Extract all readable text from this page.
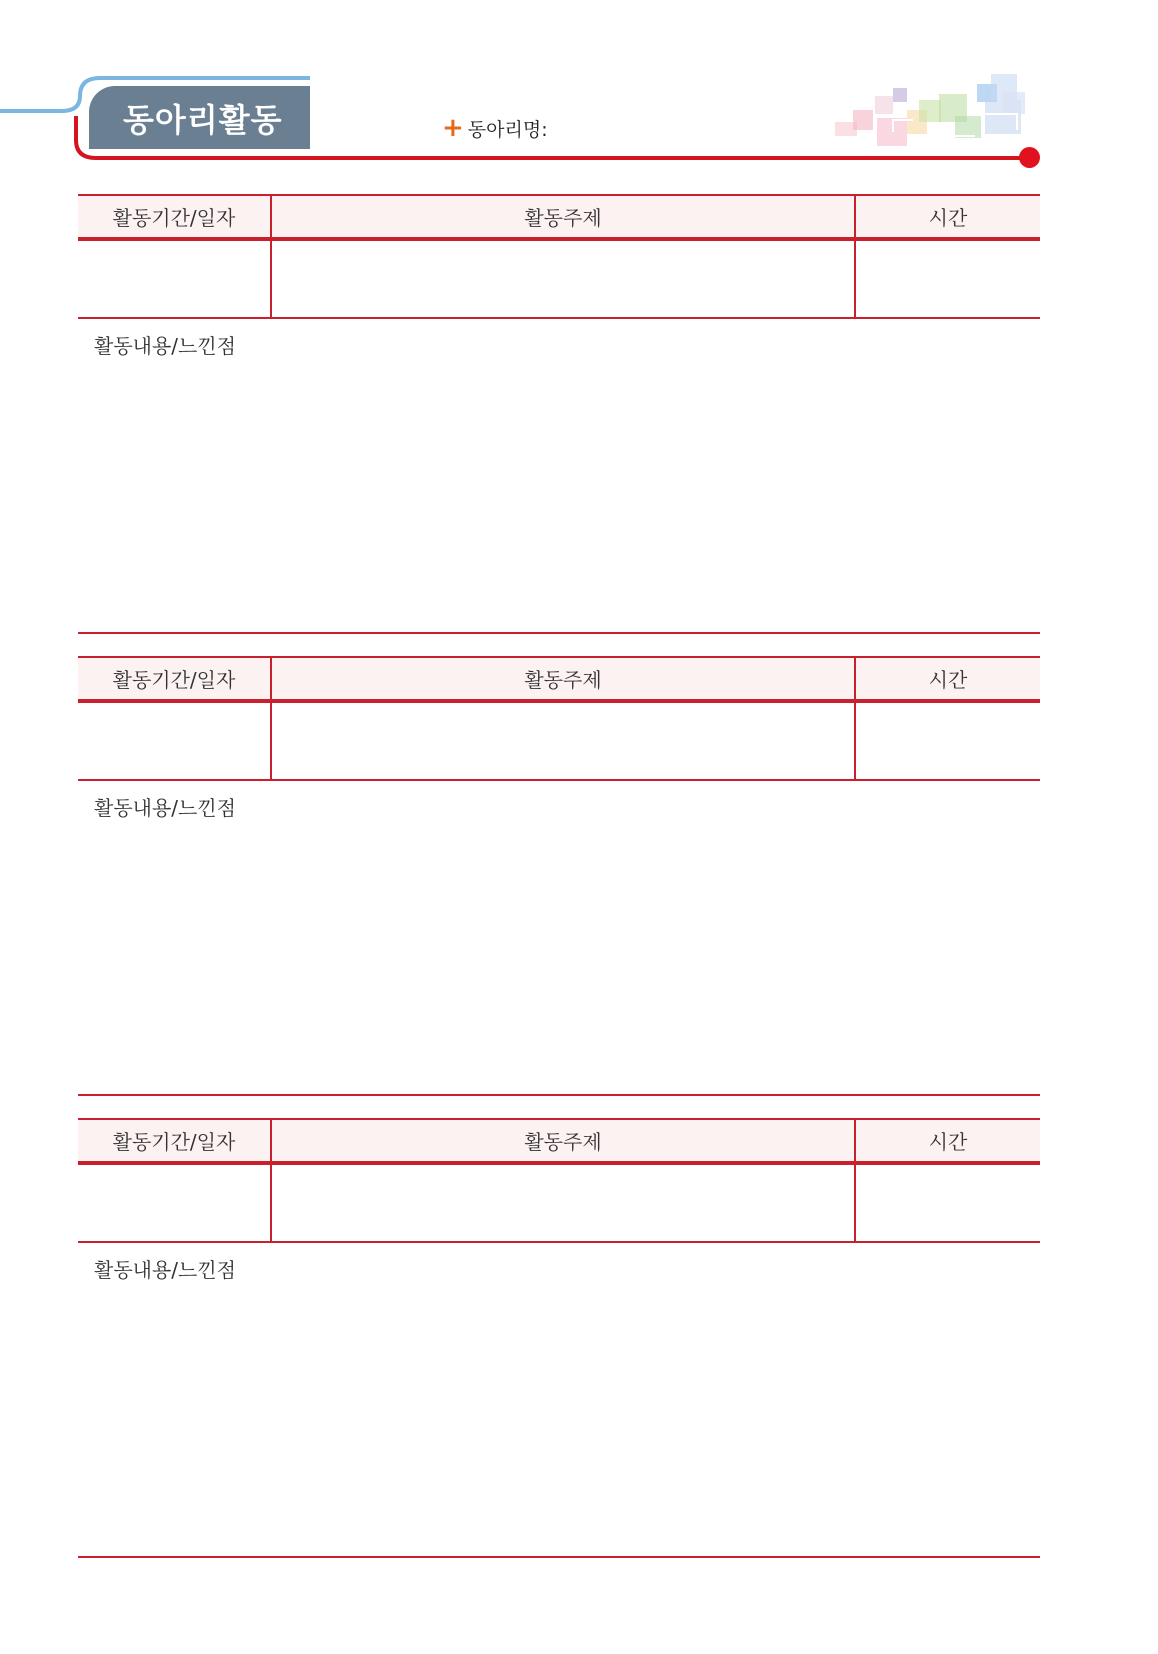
동아리활동	+ 동아리명:
활동기간/일자	활동주제	시간
활동내용/느낀점
활동기간/일자	활동주제	시간
활동내용/느낀점
활동기간/일자	활동주제	시간
활동내용/느낀점
